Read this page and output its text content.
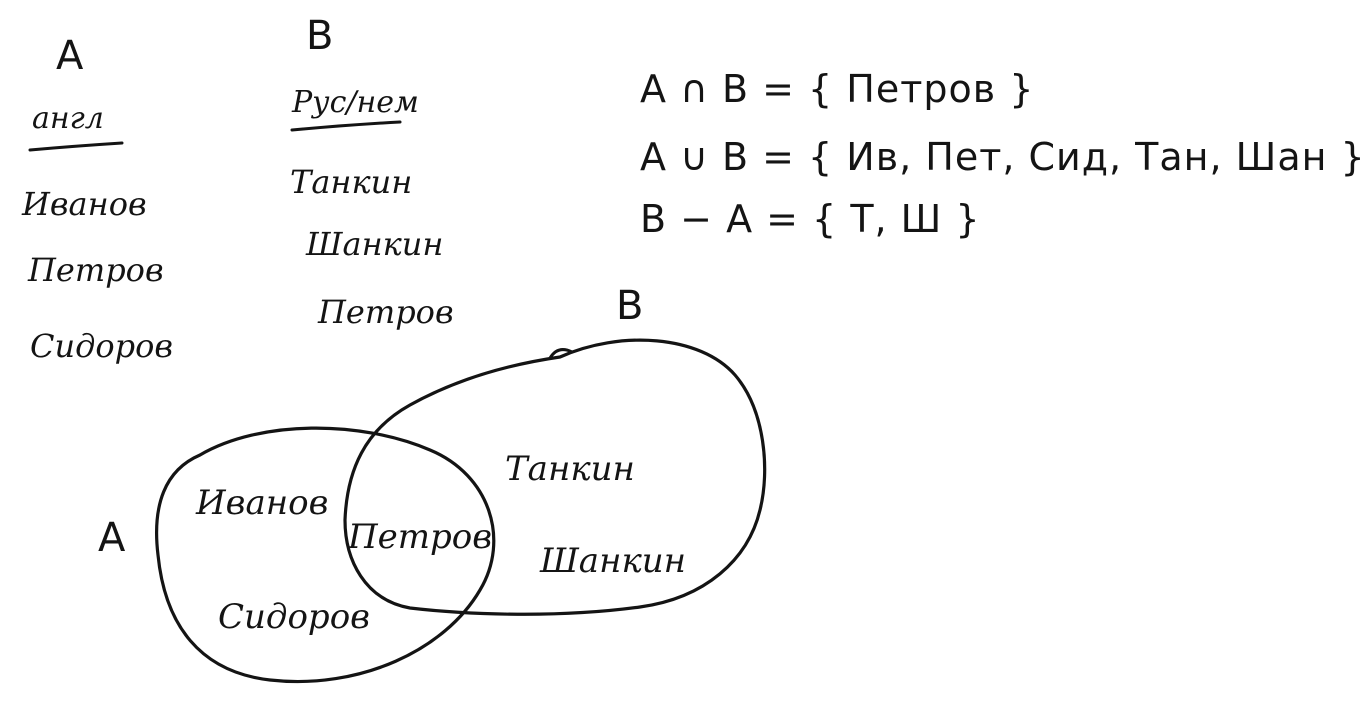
A
англ
Иванов
Петров
Сидоров
B
Рус/нем
Танкин
Шанкин
Петров
A ∩ B = { Петров }
A ∪ B = { Ив, Пет, Сид, Тан, Шан }
B − A = { Т, Ш }
A
B
Иванов
Сидоров
Петров
Танкин
Шанкин
